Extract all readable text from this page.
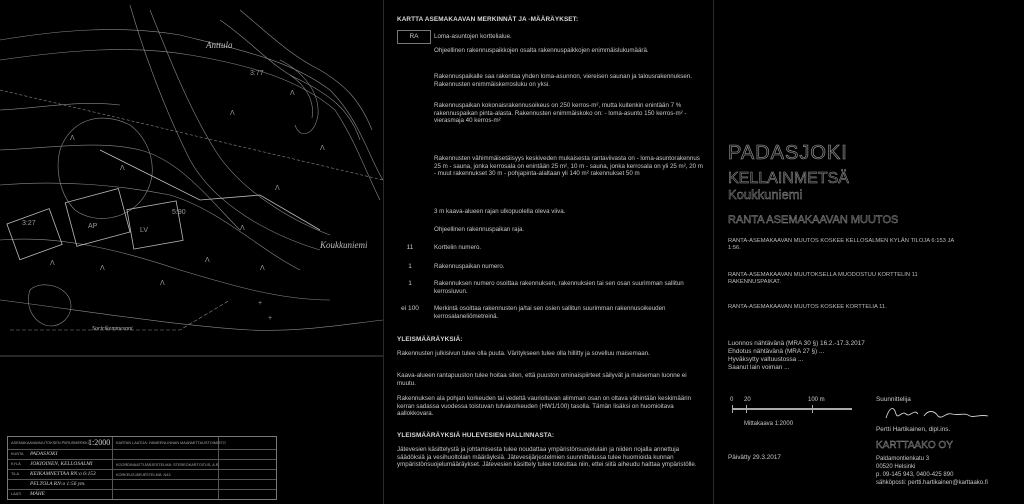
3:77
3:27
5:90
AP
LV
Λ
Λ
Λ
Λ
Λ
Λ
Λ
Λ
Λ
Λ
Λ
Λ
+
+
Anttula
Koukkuniemi
Soririkemmesnni
ASEMAKAAVAMUUTOKSEN PIIRUSMERKKI 1:2000 KARTAN LAATIJA: HÄMEENLINNAN MAANMITTAUSTOIMISTO
KOORDINAATTIJÄRJESTELMÄ: STEREOKARTOITUS, A.R.
KORKEUSJÄRJESTELMÄ: N43
KUNTA PADASJOKI
KYLÄ JOKIOINEN, KELLOSALMI
TILA KEIKAMNETTAA RN:o 6:153
PELTOLA RN:o 1:56 ym.
LAATI MÄHE
KARTTA ASEMAKAAVAN MERKINNÄT JA -MÄÄRÄYKSET:
RA	Loma-asuntojen korttelialue.
Ohjeellinen rakennuspaikkojen osalta rakennuspaikkojen enimmäislukumäärä.
Rakennuspaikalle saa rakentaa yhden loma-asunnon, viereisen saunan ja talousrakennuksen. Rakennusten enimmäiskerrosluku on yksi.
Rakennuspaikan kokonaisrakennusoikeus on 250 kerros-m², mutta kuitenkin enintään 7 % rakennuspaikan pinta-alasta. Rakennusten enimmäiskoko on: - loma-asunto 150 kerros-m² - vierasmaja 40 kerros-m²
Rakennusten vähimmäisetäisyys keskiveden mukaisesta rantaviivasta on - loma-asuntorakennus 25 m - sauna, jonka kerrosala on enintään 25 m², 10 m - sauna, jonka kerrosala on yli 25 m², 20 m - muut rakennukset 30 m - pohjapinta-alaltaan yli 140 m² rakennukset 50 m
3 m kaava-alueen rajan ulkopuolella oleva viiva.
Ohjeellinen rakennuspaikan raja.
11	Korttelin numero.
1	Rakennuspaikan numero.
1	Rakennuksen numero osoittaa rakennuksen, rakennuksien tai sen osan suurimman sallitun kerrosluvun.
ei 100	Merkintä osoittaa rakennusten ja/tai sen osien sallitun suurimman rakennusoikeuden kerrosalaneliömetreinä.
YLEISMÄÄRÄYKSIÄ:
Rakennusten julkisivun tulee olla puuta. Väritykseen tulee olla hillitty ja sovelluu maisemaan.
Kaava-alueen rantapuuston tulee hoitaa siten, että puuston ominaispiirteet säilyvät ja maiseman luonne ei muutu.
Rakennuksen ala pohjan korkeuden tai vedeltä vaurioituvan alimman osan on oltava vähintään keskimäärin kerran sadassa vuodessa toistuvan tulvakorkeuden (HW1/100) tasolla. Tämän lisäksi on huomioitava aallokkovara.
YLEISMÄÄRÄYKSIÄ HULEVESIEN HALLINNASTA:
Jätevesien käsittelystä ja johtamisesta tulee noudattaa ympäristönsuojelulain ja niiden nojalla annettuja säädöksiä ja vesihuoltolain määräyksiä. Jätevesijärjestelmien suunnittelussa tulee huomioida kunnan ympäristönsuojelumääräykset. Jätevesien käsittely tulee toteuttaa niin, ettei siitä aiheudu haittaa ympäristölle.
PADASJOKI
KELLAINMETSÄ
Koukkuniemi
RANTA ASEMAKAAVAN MUUTOS
RANTA-ASEMAKAAVAN MUUTOS KOSKEE KELLOSALMEN KYLÄN TILOJA 6:153 JA 1:56.
RANTA-ASEMAKAAVAN MUUTOKSELLA MUODOSTUU KORTTELIN 11 RAKENNUSPAIKAT.
RANTA-ASEMAKAAVAN MUUTOS KOSKEE KORTTELIA 11.
Luonnos nähtävänä (MRA 30 §) 16.2.-17.3.2017
Ehdotus nähtävänä (MRA 27 §) ...
Hyväksytty valtuustossa ...
Saanut lain voiman ...
0 20	100 m
Mittakaava 1:2000
Päivätty 29.3.2017
Suunnittelija
Pertti Hartikainen, dipl.ins.
KARTTAAKO OY
Paldamontienkatu 3
00520 Helsinki
p. 09-145 943, 0400-425 890
sähköposti: pertti.hartikainen@karttaako.fi
